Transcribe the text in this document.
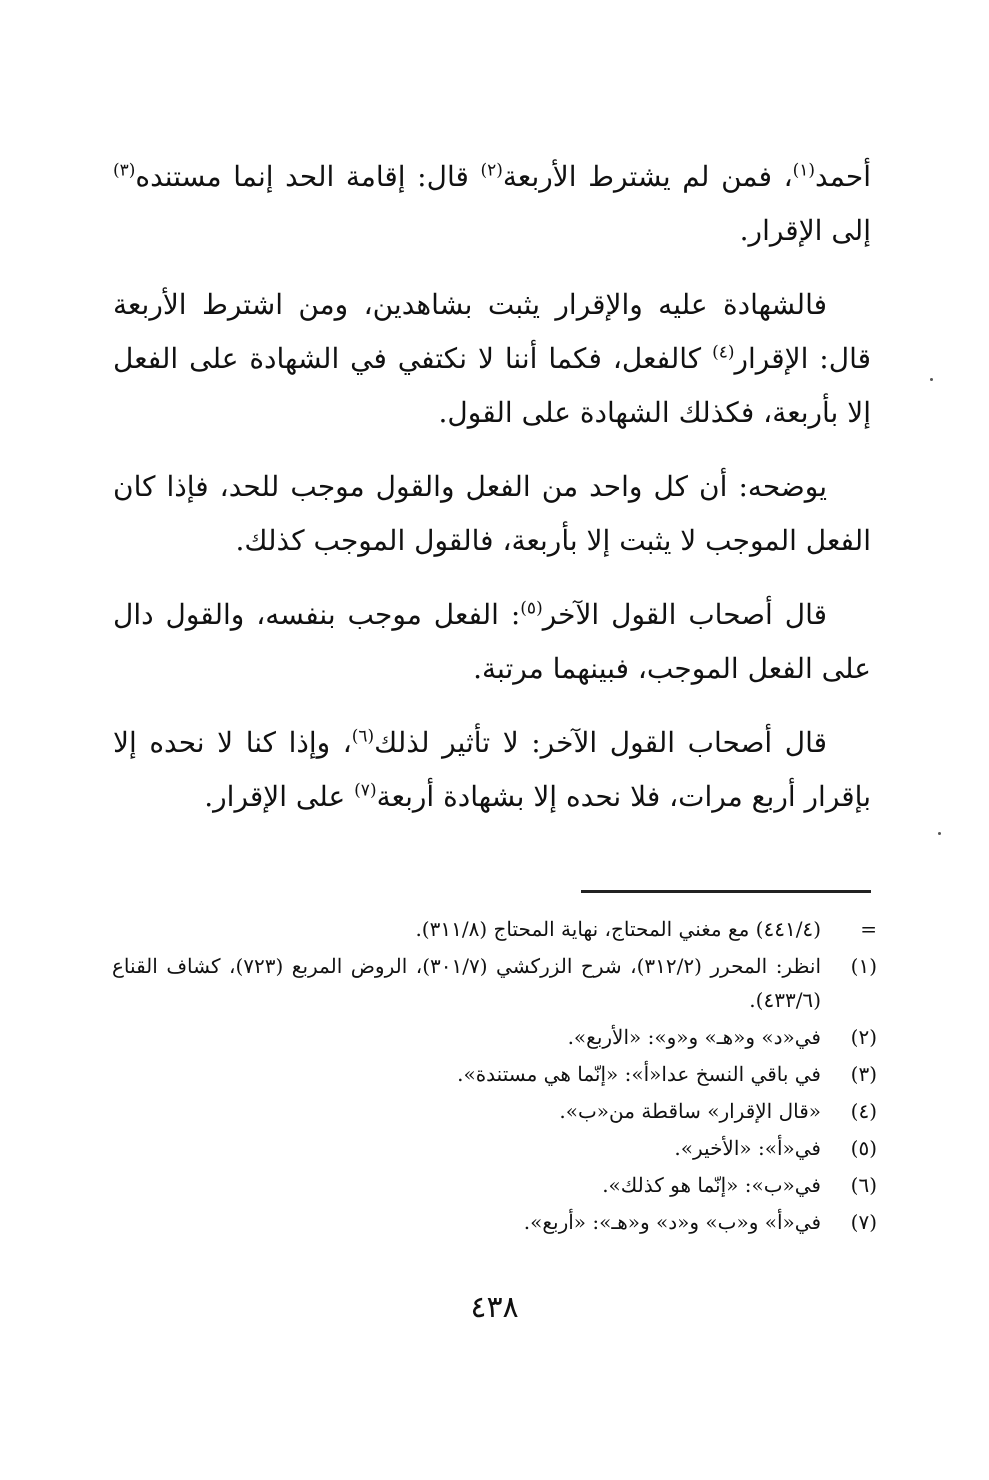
أحمد$^{(١)}$، فمن لم يشترط الأربعة$^{(٢)}$ قال: إقامة الحد إنما مستنده$^{(٣)}$ إلى الإقرار.

فالشهادة عليه والإقرار يثبت بشاهدين، ومن اشترط الأربعة قال: الإقرار$^{(٤)}$ كالفعل، فكما أننا لا نكتفي في الشهادة على الفعل إلا بأربعة، فكذلك الشهادة على القول.

يوضحه: أن كل واحد من الفعل والقول موجب للحد، فإذا كان الفعل الموجب لا يثبت إلا بأربعة، فالقول الموجب كذلك.

قال أصحاب القول الآخر$^{(٥)}$: الفعل موجب بنفسه، والقول دال على الفعل الموجب، فبينهما مرتبة.

قال أصحاب القول الآخر: لا تأثير لذلك$^{(٦)}$، وإذا كنا لا نحده إلا بإقرار أربع مرات، فلا نحده إلا بشهادة أربعة$^{(٧)}$ على الإقرار.

=
(٤٤١/٤) مع مغني المحتاج، نهاية المحتاج (٣١١/٨).
(١)
انظر: المحرر (٣١٢/٢)، شرح الزركشي (٣٠١/٧)، الروض المربع (٧٢٣)، كشاف القناع (٤٣٣/٦).
(٢)
في«د» و«هـ» و«و»: «الأربع».
(٣)
في باقي النسخ عدا«أ»: «إنّما هي مستندة».
(٤)
«قال الإقرار» ساقطة من«ب».
(٥)
في«أ»: «الأخير».
(٦)
في«ب»: «إنّما هو كذلك».
(٧)
في«أ» و«ب» و«د» و«هـ»: «أربع».
٤٣٨
